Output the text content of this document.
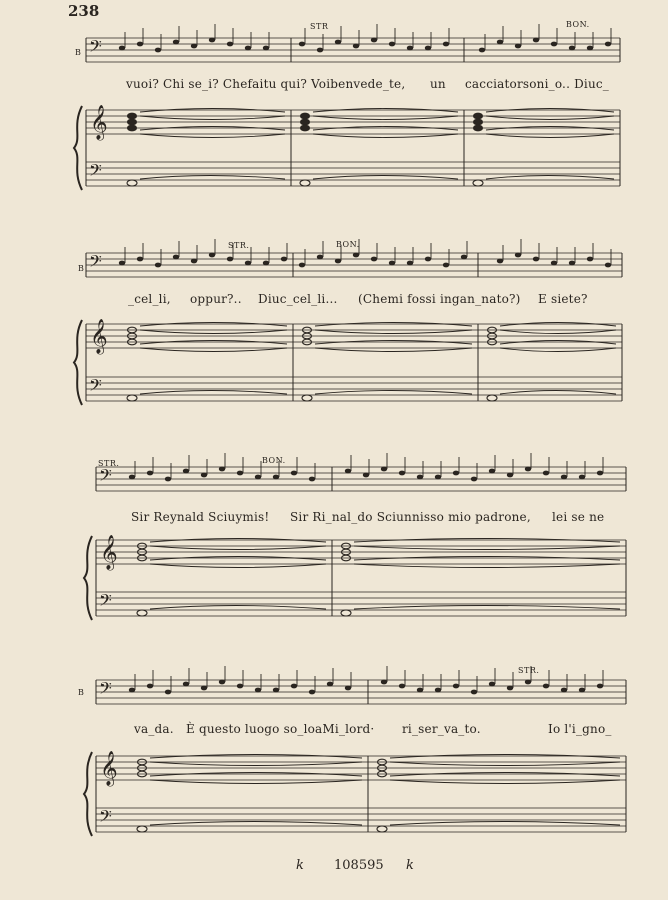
238
𝄢
𝄞
𝄢
𝄢
𝄞
𝄢
𝄢
𝄞
𝄢
𝄢
𝄞
𝄢
B
STR	BON.
vuoi? Chi se_i? Chefaitu qui? Voibenvede_te, un cacciatorsoni_o.. Diuc_
B
STR.	BON.
_cel_li, oppur?.. Diuc_cel_li... (Chemi fossi ingan_nato?) E siete?
STR.	BON.
Sir Reynald Sciuymis! Sir Ri_nal_do Sciunnisso mio padrone, lei se ne
B
STR.
va_da. È questo luogo so_loaMi_lord· ri_ser_va_to.	Io l'i_gno_
k 108595 k
